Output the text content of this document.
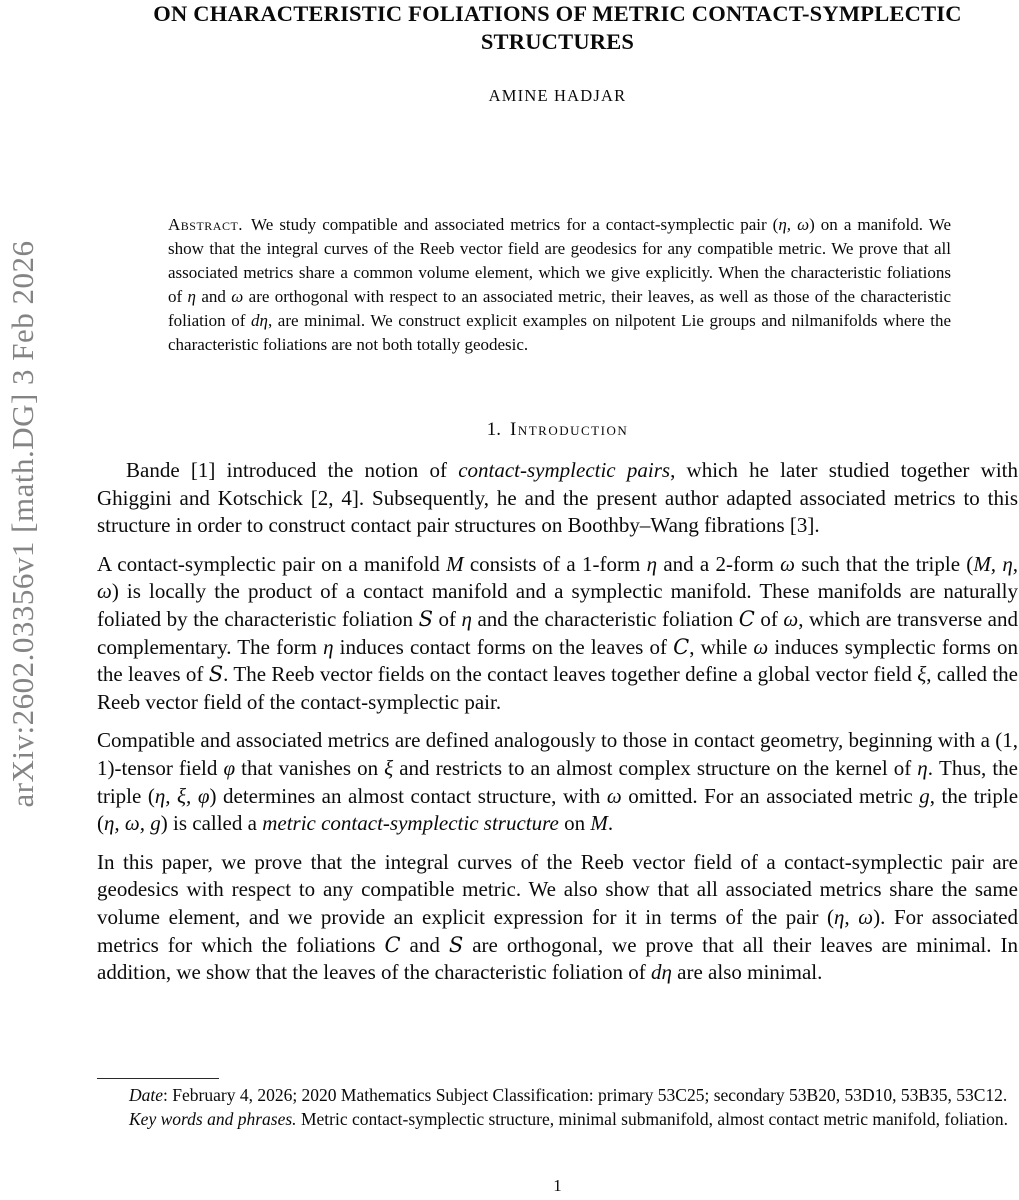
arXiv:2602.03356v1 [math.DG] 3 Feb 2026
ON CHARACTERISTIC FOLIATIONS OF METRIC CONTACT-SYMPLECTIC STRUCTURES
AMINE HADJAR

Abstract. We study compatible and associated metrics for a contact-symplectic pair (η, ω) on a manifold. We show that the integral curves of the Reeb vector field are geodesics for any compatible metric. We prove that all associated metrics share a common volume element, which we give explicitly. When the characteristic foliations of η and ω are orthogonal with respect to an associated metric, their leaves, as well as those of the characteristic foliation of dη, are minimal. We construct explicit examples on nilpotent Lie groups and nilmanifolds where the characteristic foliations are not both totally geodesic.

1. Introduction

Bande [1] introduced the notion of contact-symplectic pairs, which he later studied together with Ghiggini and Kotschick [2, 4]. Subsequently, he and the present author adapted associated metrics to this structure in order to construct contact pair structures on Boothby–Wang fibrations [3].

A contact-symplectic pair on a manifold M consists of a 1-form η and a 2-form ω such that the triple (M, η, ω) is locally the product of a contact manifold and a symplectic manifold. These manifolds are naturally foliated by the characteristic foliation S of η and the characteristic foliation C of ω, which are transverse and complementary. The form η induces contact forms on the leaves of C, while ω induces symplectic forms on the leaves of S. The Reeb vector fields on the contact leaves together define a global vector field ξ, called the Reeb vector field of the contact-symplectic pair.

Compatible and associated metrics are defined analogously to those in contact geometry, beginning with a (1, 1)-tensor field φ that vanishes on ξ and restricts to an almost complex structure on the kernel of η. Thus, the triple (η, ξ, φ) determines an almost contact structure, with ω omitted. For an associated metric g, the triple (η, ω, g) is called a metric contact-symplectic structure on M.

In this paper, we prove that the integral curves of the Reeb vector field of a contact-symplectic pair are geodesics with respect to any compatible metric. We also show that all associated metrics share the same volume element, and we provide an explicit expression for it in terms of the pair (η, ω). For associated metrics for which the foliations C and S are orthogonal, we prove that all their leaves are minimal. In addition, we show that the leaves of the characteristic foliation of dη are also minimal.

Date: February 4, 2026; 2020 Mathematics Subject Classification: primary 53C25; secondary 53B20, 53D10, 53B35, 53C12.

Key words and phrases. Metric contact-symplectic structure, minimal submanifold, almost contact metric manifold, foliation.

1
